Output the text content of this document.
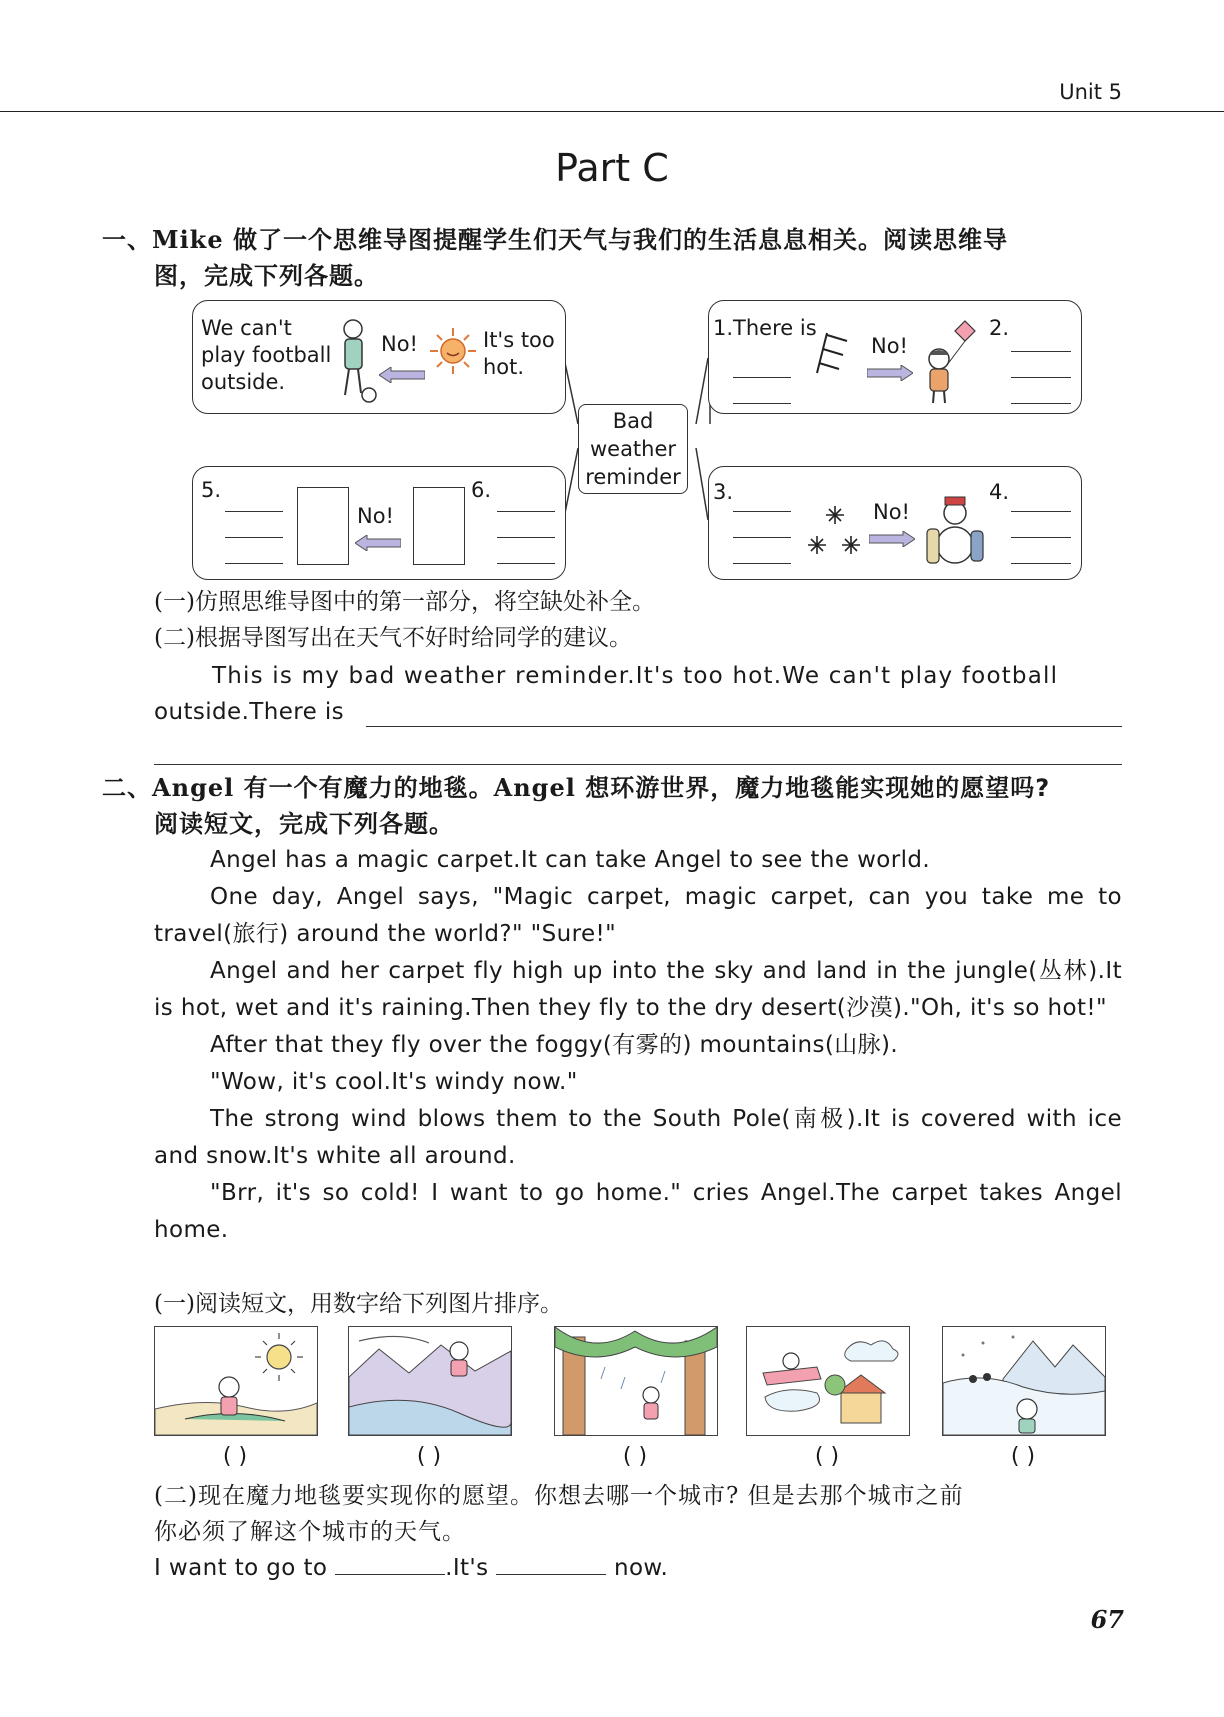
Unit 5
Part C
一、Mike 做了一个思维导图提醒学生们天气与我们的生活息息相关。阅读思维导
图，完成下列各题。
Bad
weather
reminder
We can't
play football
outside.
No!	It's too
hot.
1.There is
No!
2.
5.
No!
6.	3.
No!
4.
(一)仿照思维导图中的第一部分，将空缺处补全。
(二)根据导图写出在天气不好时给同学的建议。
This is my bad weather reminder.It's too hot.We can't play football
outside.There is
二、Angel 有一个有魔力的地毯。Angel 想环游世界，魔力地毯能实现她的愿望吗?
阅读短文，完成下列各题。
Angel has a magic carpet.It can take Angel to see the world.
One day, Angel says, "Magic carpet, magic carpet, can you take me to travel(旅行) around the world?" "Sure!"
Angel and her carpet fly high up into the sky and land in the jungle(丛林).It is hot, wet and it's raining.Then they fly to the dry desert(沙漠)."Oh, it's so hot!"
After that they fly over the foggy(有雾的) mountains(山脉).
"Wow, it's cool.It's windy now."
The strong wind blows them to the South Pole(南极).It is covered with ice and snow.It's white all around.
"Brr, it's so cold! I want to go home." cries Angel.The carpet takes Angel home.
(一)阅读短文，用数字给下列图片排序。
( )	( )	( )	( )	( )
(二)现在魔力地毯要实现你的愿望。你想去哪一个城市? 但是去那个城市之前
你必须了解这个城市的天气。
I want to go to	.It's	now.
67
